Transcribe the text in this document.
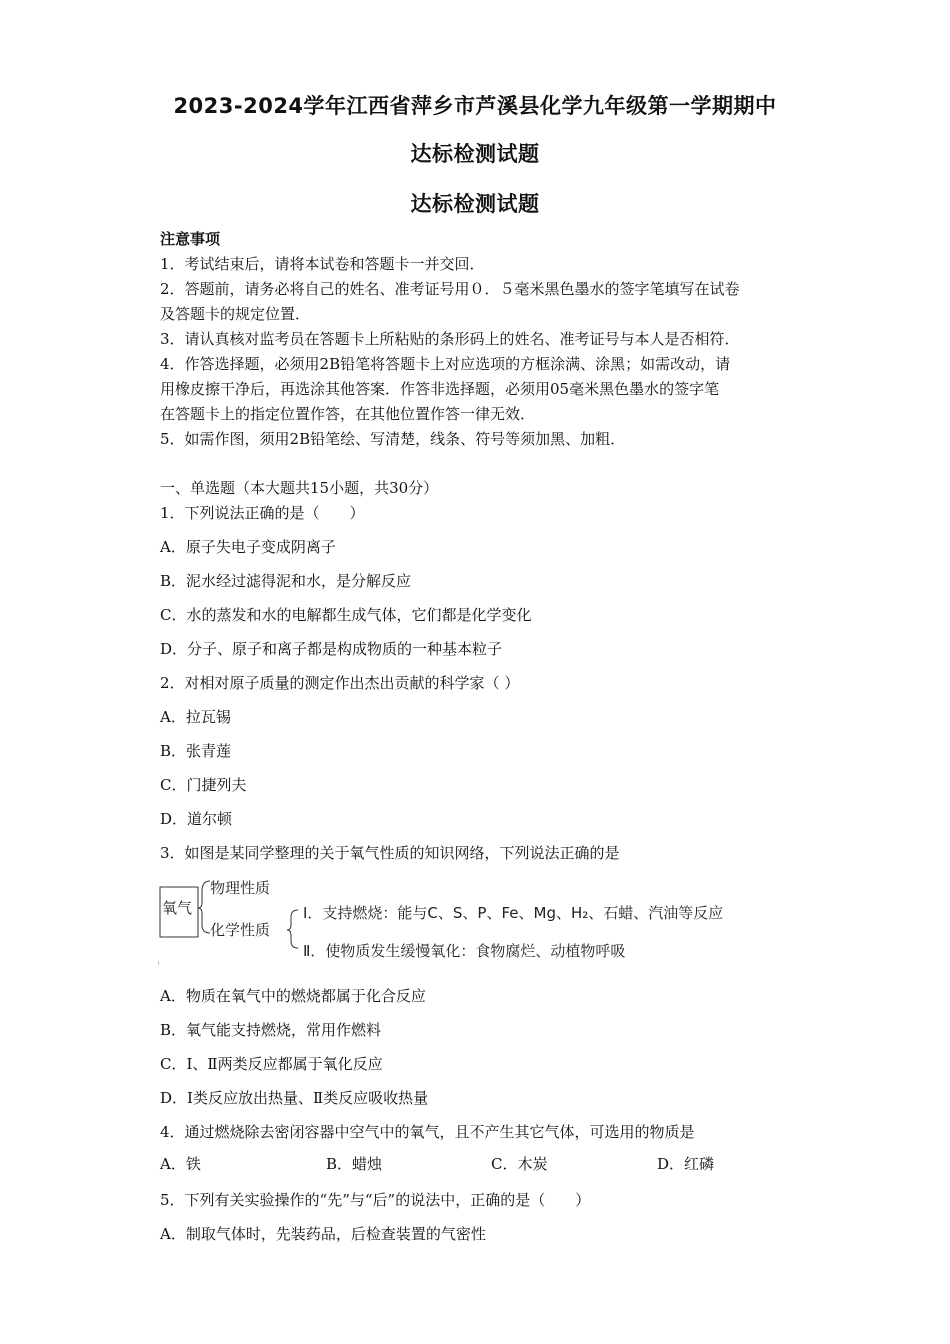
2023-2024学年江西省萍乡市芦溪县化学九年级第一学期期中
达标检测试题
达标检测试题
注意事项
1．考试结束后，请将本试卷和答题卡一并交回．
2．答题前，请务必将自己的姓名、准考证号用０．５毫米黑色墨水的签字笔填写在试卷
及答题卡的规定位置．
3．请认真核对监考员在答题卡上所粘贴的条形码上的姓名、准考证号与本人是否相符．
4．作答选择题，必须用2B铅笔将答题卡上对应选项的方框涂满、涂黑；如需改动，请
用橡皮擦干净后，再选涂其他答案．作答非选择题，必须用05毫米黑色墨水的签字笔
在答题卡上的指定位置作答，在其他位置作答一律无效．
5．如需作图，须用2B铅笔绘、写清楚，线条、符号等须加黑、加粗．
一、单选题（本大题共15小题，共30分）
1．下列说法正确的是（　　）
A．原子失电子变成阴离子
B．泥水经过滤得泥和水，是分解反应
C．水的蒸发和水的电解都生成气体，它们都是化学变化
D．分子、原子和离子都是构成物质的一种基本粒子
2．对相对原子质量的测定作出杰出贡献的科学家（ ）
A．拉瓦锡
B．张青莲
C．门捷列夫
D．道尔顿
3．如图是某同学整理的关于氧气性质的知识网络，下列说法正确的是
氧气
物理性质
化学性质
Ⅰ．支持燃烧：能与C、S、P、Fe、Mg、H₂、石蜡、汽油等反应
Ⅱ．使物质发生缓慢氧化：食物腐烂、动植物呼吸
A．物质在氧气中的燃烧都属于化合反应
B．氧气能支持燃烧，常用作燃料
C．Ⅰ、Ⅱ两类反应都属于氧化反应
D．Ⅰ类反应放出热量、Ⅱ类反应吸收热量
4．通过燃烧除去密闭容器中空气中的氧气，且不产生其它气体，可选用的物质是
A．铁	B．蜡烛	C．木炭	D．红磷
5．下列有关实验操作的“先”与“后”的说法中，正确的是（　　）
A．制取气体时，先装药品，后检查装置的气密性
